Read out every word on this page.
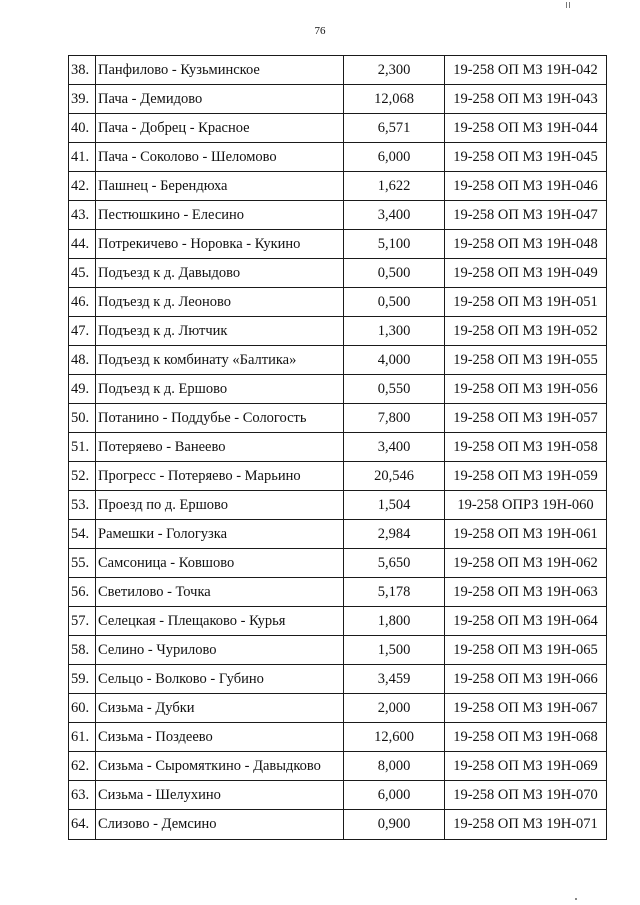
76
38.	Панфилово - Кузьминское	2,300	19-258 ОП МЗ 19Н-042
39.	Пача - Демидово	12,068	19-258 ОП МЗ 19Н-043
40.	Пача - Добрец - Красное	6,571	19-258 ОП МЗ 19Н-044
41.	Пача - Соколово - Шеломово	6,000	19-258 ОП МЗ 19Н-045
42.	Пашнец - Берендюха	1,622	19-258 ОП МЗ 19Н-046
43.	Пестюшкино - Елесино	3,400	19-258 ОП МЗ 19Н-047
44.	Потрекичево - Норовка - Кукино	5,100	19-258 ОП МЗ 19Н-048
45.	Подъезд к д. Давыдово	0,500	19-258 ОП МЗ 19Н-049
46.	Подъезд к д. Леоново	0,500	19-258 ОП МЗ 19Н-051
47.	Подъезд к д. Лютчик	1,300	19-258 ОП МЗ 19Н-052
48.	Подъезд к комбинату «Балтика»	4,000	19-258 ОП МЗ 19Н-055
49.	Подъезд к д. Ершово	0,550	19-258 ОП МЗ 19Н-056
50.	Потанино - Поддубье - Сологость	7,800	19-258 ОП МЗ 19Н-057
51.	Потеряево - Ванеево	3,400	19-258 ОП МЗ 19Н-058
52.	Прогресс - Потеряево - Марьино	20,546	19-258 ОП МЗ 19Н-059
53.	Проезд по д. Ершово	1,504	19-258 ОПРЗ 19Н-060
54.	Рамешки - Гологузка	2,984	19-258 ОП МЗ 19Н-061
55.	Самсоница - Ковшово	5,650	19-258 ОП МЗ 19Н-062
56.	Светилово - Точка	5,178	19-258 ОП МЗ 19Н-063
57.	Селецкая - Плещаково - Курья	1,800	19-258 ОП МЗ 19Н-064
58.	Селино - Чурилово	1,500	19-258 ОП МЗ 19Н-065
59.	Сельцо - Волково - Губино	3,459	19-258 ОП МЗ 19Н-066
60.	Сизьма - Дубки	2,000	19-258 ОП МЗ 19Н-067
61.	Сизьма - Поздеево	12,600	19-258 ОП МЗ 19Н-068
62.	Сизьма - Сыромяткино - Давыдково	8,000	19-258 ОП МЗ 19Н-069
63.	Сизьма - Шелухино	6,000	19-258 ОП МЗ 19Н-070
64.	Слизово - Демсино	0,900	19-258 ОП МЗ 19Н-071
